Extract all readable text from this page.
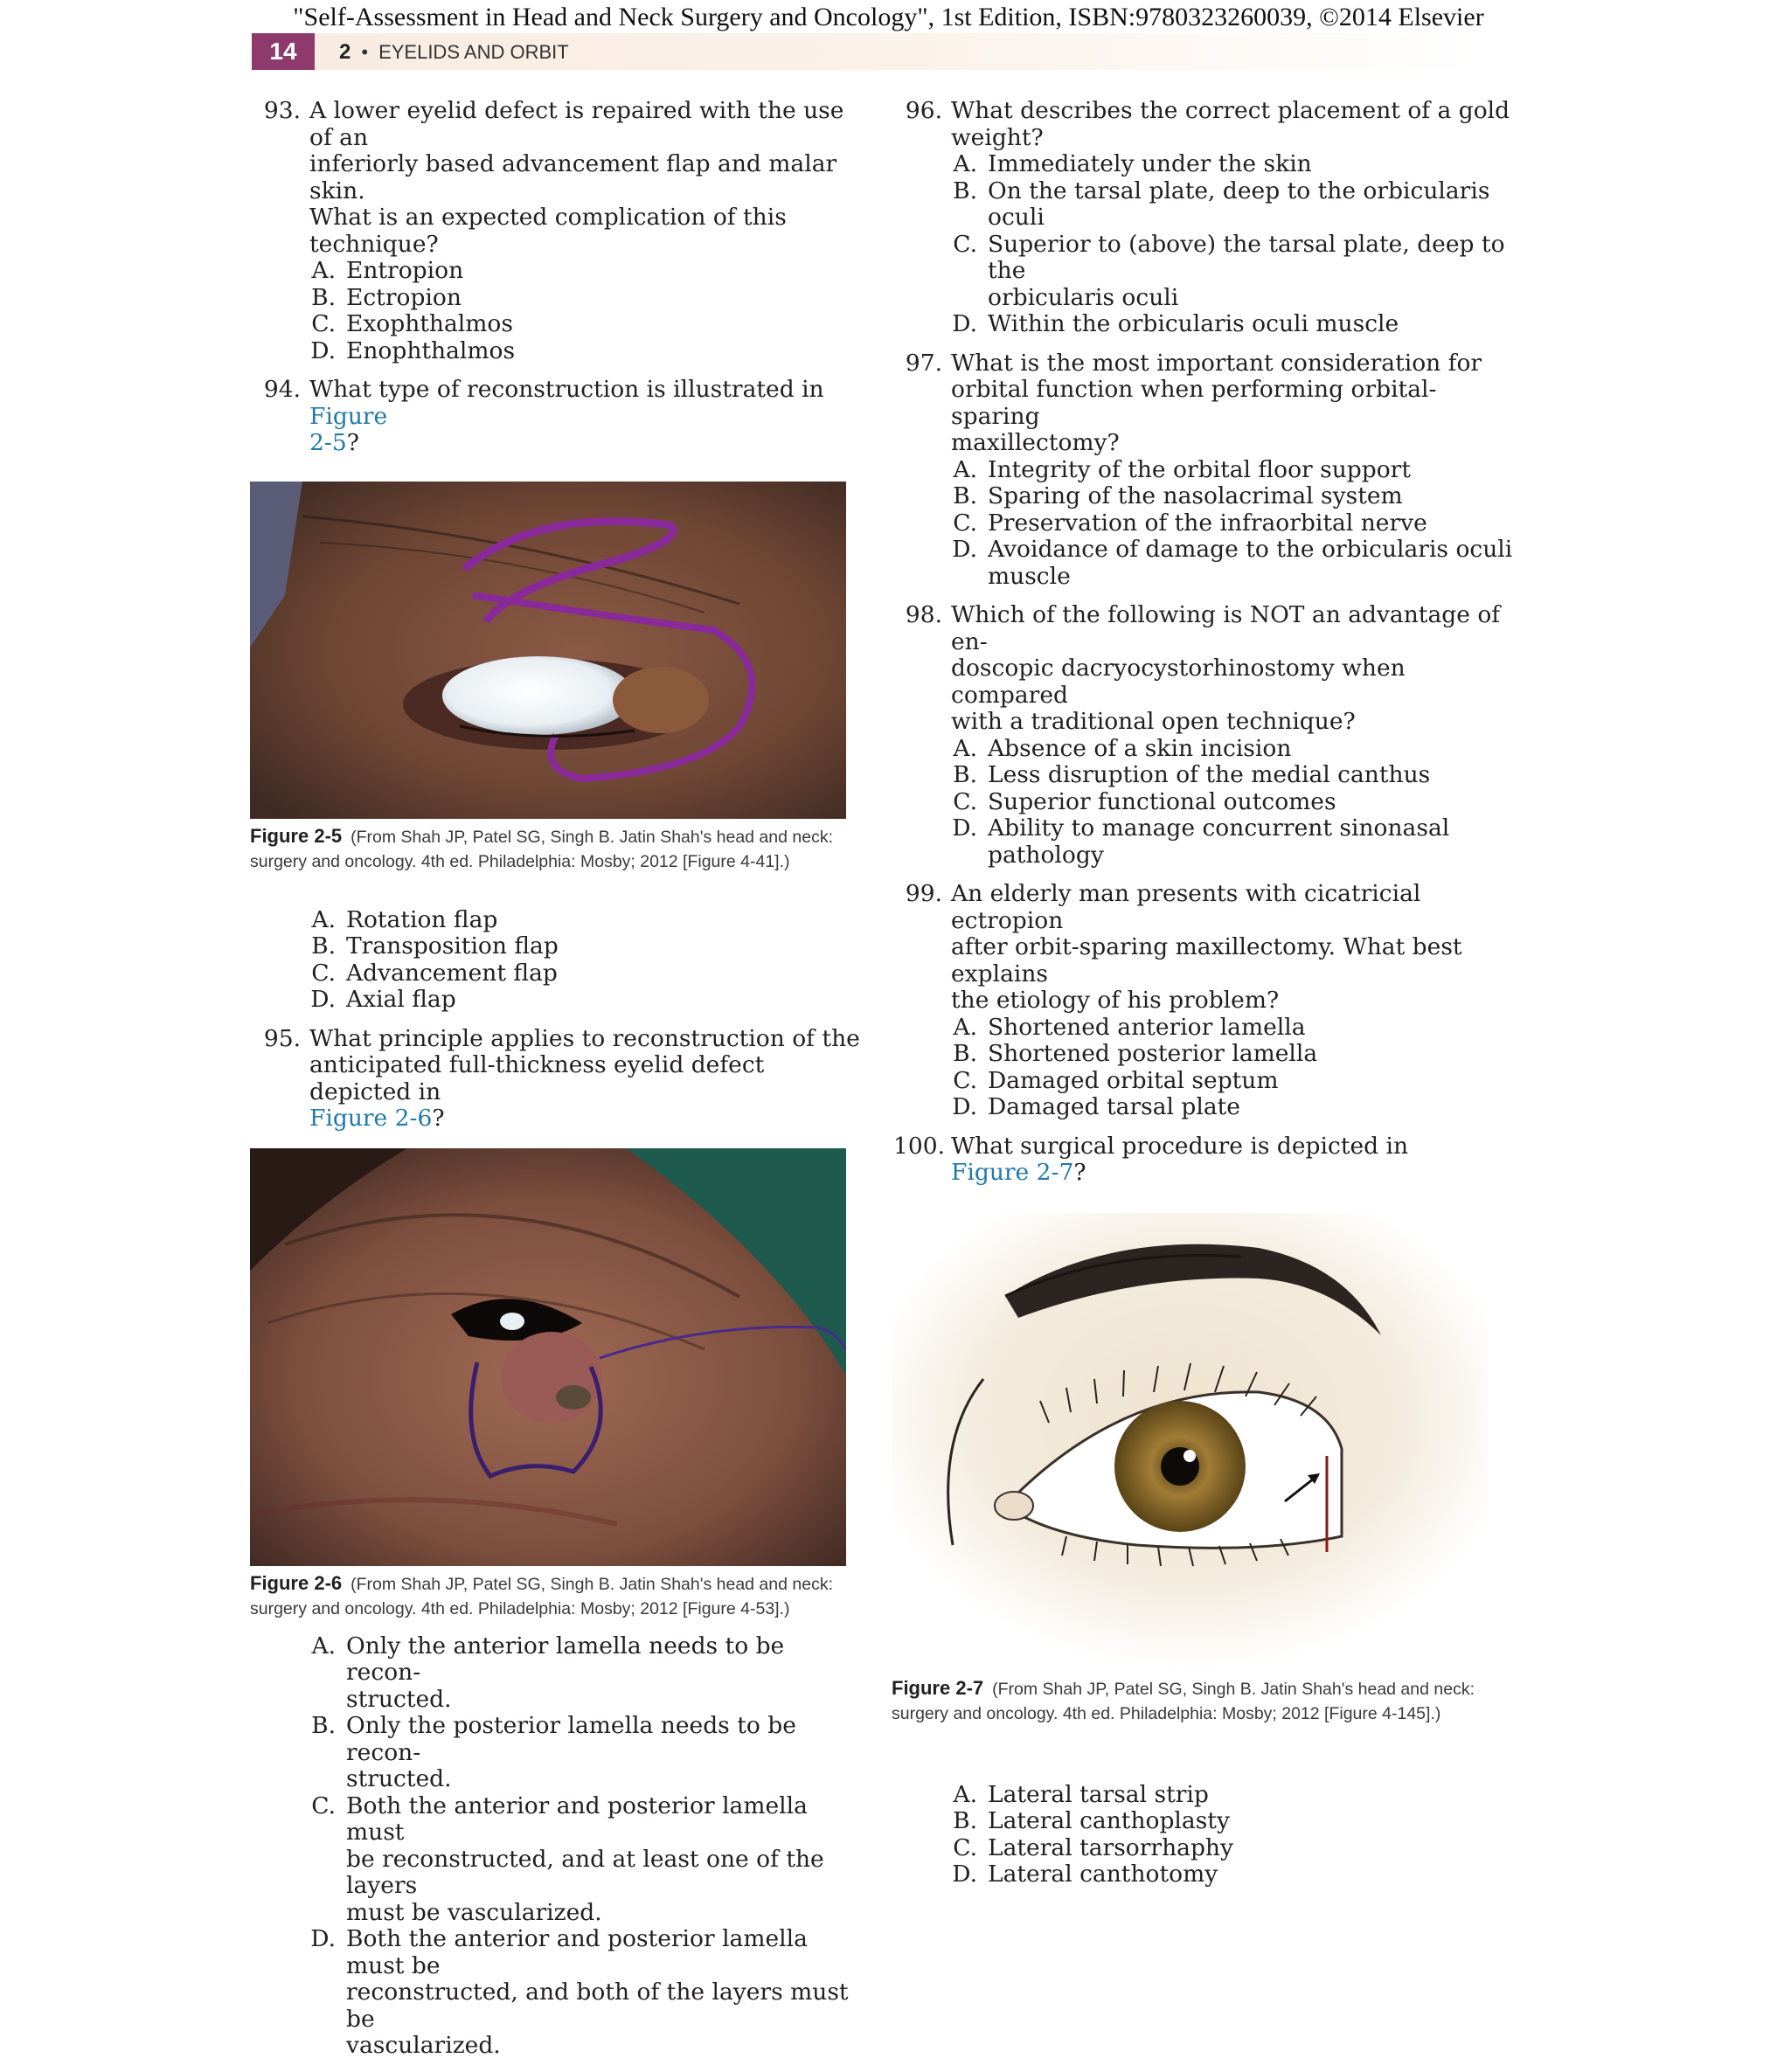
"Self-Assessment in Head and Neck Surgery and Oncology", 1st Edition, ISBN:9780323260039, ©2014 Elsevier
14	2 • EYELIDS AND ORBIT
93. A lower eyelid defect is repaired with the use of an
inferiorly based advancement flap and malar skin.
What is an expected complication of this technique?
A. Entropion
B. Ectropion
C. Exophthalmos
D. Enophthalmos
94. What type of reconstruction is illustrated in Figure
2-5?
Figure 2-5 (From Shah JP, Patel SG, Singh B. Jatin Shah's head and neck:
surgery and oncology. 4th ed. Philadelphia: Mosby; 2012 [Figure 4-41].)
A. Rotation flap
B. Transposition flap
C. Advancement flap
D. Axial flap
95. What principle applies to reconstruction of the
anticipated full-thickness eyelid defect depicted in
Figure 2-6?
Figure 2-6 (From Shah JP, Patel SG, Singh B. Jatin Shah's head and neck:
surgery and oncology. 4th ed. Philadelphia: Mosby; 2012 [Figure 4-53].)
A. Only the anterior lamella needs to be recon-
structed.
B. Only the posterior lamella needs to be recon-
structed.
C. Both the anterior and posterior lamella must
be reconstructed, and at least one of the layers
must be vascularized.
D. Both the anterior and posterior lamella must be
reconstructed, and both of the layers must be
vascularized.
96. What describes the correct placement of a gold
weight?
A. Immediately under the skin
B. On the tarsal plate, deep to the orbicularis
oculi
C. Superior to (above) the tarsal plate, deep to the
orbicularis oculi
D. Within the orbicularis oculi muscle
97. What is the most important consideration for
orbital function when performing orbital-sparing
maxillectomy?
A. Integrity of the orbital floor support
B. Sparing of the nasolacrimal system
C. Preservation of the infraorbital nerve
D. Avoidance of damage to the orbicularis oculi
muscle
98. Which of the following is NOT an advantage of en-
doscopic dacryocystorhinostomy when compared
with a traditional open technique?
A. Absence of a skin incision
B. Less disruption of the medial canthus
C. Superior functional outcomes
D. Ability to manage concurrent sinonasal
pathology
99. An elderly man presents with cicatricial ectropion
after orbit-sparing maxillectomy. What best explains
the etiology of his problem?
A. Shortened anterior lamella
B. Shortened posterior lamella
C. Damaged orbital septum
D. Damaged tarsal plate
100. What surgical procedure is depicted in
Figure 2-7?
Figure 2-7 (From Shah JP, Patel SG, Singh B. Jatin Shah's head and neck:
surgery and oncology. 4th ed. Philadelphia: Mosby; 2012 [Figure 4-145].)
A. Lateral tarsal strip
B. Lateral canthoplasty
C. Lateral tarsorrhaphy
D. Lateral canthotomy
